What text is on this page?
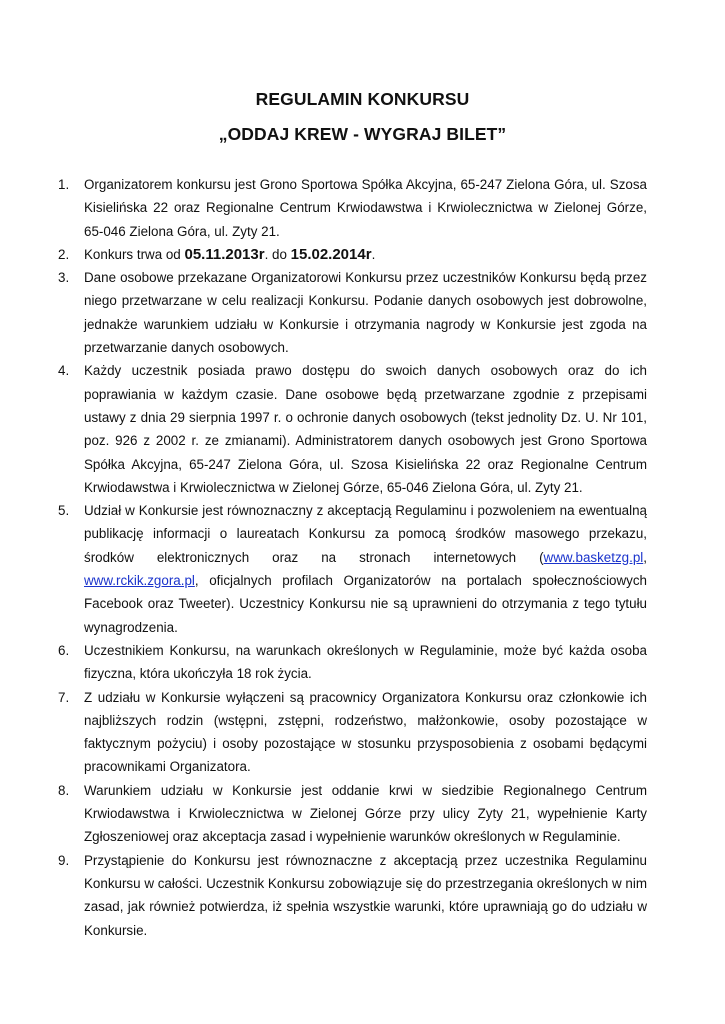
REGULAMIN KONKURSU
„ODDAJ KREW - WYGRAJ BILET”
1.	Organizatorem konkursu jest Grono Sportowa Spółka Akcyjna, 65-247 Zielona Góra, ul. Szosa Kisielińska 22 oraz Regionalne Centrum Krwiodawstwa i Krwiolecznictwa w Zielonej Górze, 65-046 Zielona Góra, ul. Zyty 21.
2.	Konkurs trwa od 05.11.2013r. do 15.02.2014r.
3.	Dane osobowe przekazane Organizatorowi Konkursu przez uczestników Konkursu będą przez niego przetwarzane w celu realizacji Konkursu. Podanie danych osobowych jest dobrowolne, jednakże warunkiem udziału w Konkursie i otrzymania nagrody w Konkursie jest zgoda na przetwarzanie danych osobowych.
4.	Każdy uczestnik posiada prawo dostępu do swoich danych osobowych oraz do ich poprawiania w każdym czasie. Dane osobowe będą przetwarzane zgodnie z przepisami ustawy z dnia 29 sierpnia 1997 r. o ochronie danych osobowych (tekst jednolity Dz. U. Nr 101, poz. 926 z 2002 r. ze zmianami). Administratorem danych osobowych jest Grono Sportowa Spółka Akcyjna, 65-247 Zielona Góra, ul. Szosa Kisielińska 22 oraz Regionalne Centrum Krwiodawstwa i Krwiolecznictwa w Zielonej Górze, 65-046 Zielona Góra, ul. Zyty 21.
5.	Udział w Konkursie jest równoznaczny z akceptacją Regulaminu i pozwoleniem na ewentualną publikację informacji o laureatach Konkursu za pomocą środków masowego przekazu, środków elektronicznych oraz na stronach internetowych (www.basketzg.pl, www.rckik.zgora.pl, oficjalnych profilach Organizatorów na portalach społecznościowych Facebook oraz Tweeter). Uczestnicy Konkursu nie są uprawnieni do otrzymania z tego tytułu wynagrodzenia.
6.	Uczestnikiem Konkursu, na warunkach określonych w Regulaminie, może być każda osoba fizyczna, która ukończyła 18 rok życia.
7.	Z udziału w Konkursie wyłączeni są pracownicy Organizatora Konkursu oraz członkowie ich najbliższych rodzin (wstępni, zstępni, rodzeństwo, małżonkowie, osoby pozostające w faktycznym pożyciu) i osoby pozostające w stosunku przysposobienia z osobami będącymi pracownikami Organizatora.
8.	Warunkiem udziału w Konkursie jest oddanie krwi w siedzibie Regionalnego Centrum Krwiodawstwa i Krwiolecznictwa w Zielonej Górze przy ulicy Zyty 21, wypełnienie Karty Zgłoszeniowej oraz akceptacja zasad i wypełnienie warunków określonych w Regulaminie.
9.	Przystąpienie do Konkursu jest równoznaczne z akceptacją przez uczestnika Regulaminu Konkursu w całości. Uczestnik Konkursu zobowiązuje się do przestrzegania określonych w nim zasad, jak również potwierdza, iż spełnia wszystkie warunki, które uprawniają go do udziału w Konkursie.
